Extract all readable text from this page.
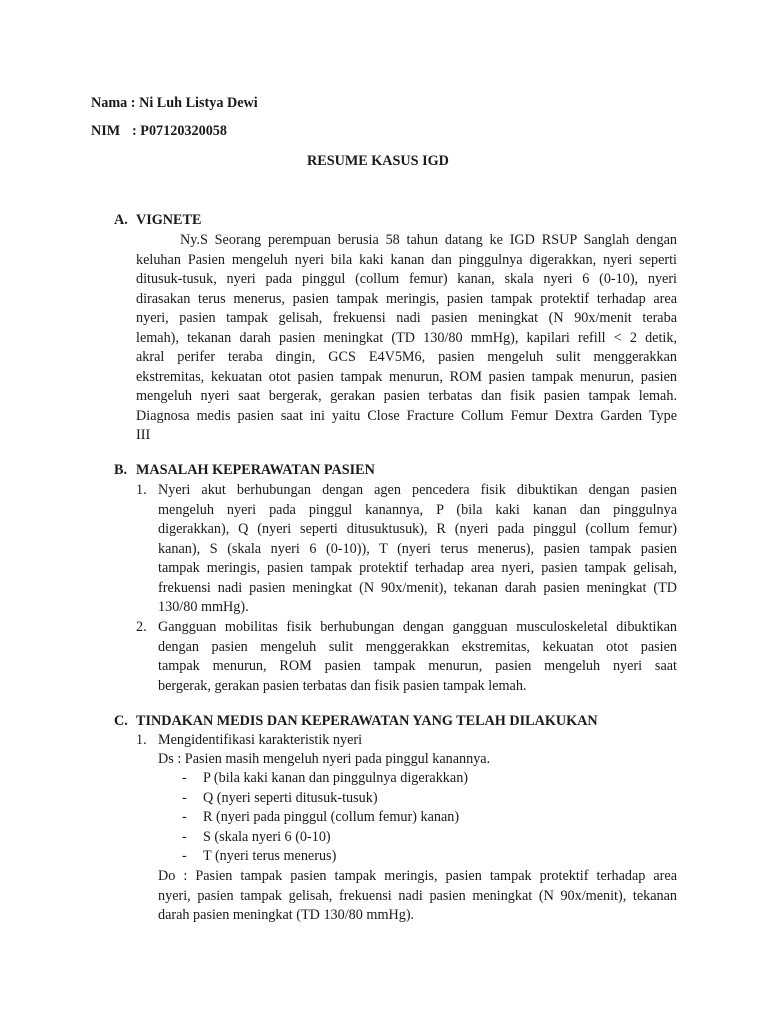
Nama : Ni Luh Listya Dewi
NIM : P07120320058
RESUME KASUS IGD
A. VIGNETE
Ny.S Seorang perempuan berusia 58 tahun datang ke IGD RSUP Sanglah dengan
keluhan Pasien mengeluh nyeri bila kaki kanan dan pinggulnya digerakkan, nyeri seperti
ditusuk-tusuk, nyeri pada pinggul (collum femur) kanan, skala nyeri 6 (0-10), nyeri
dirasakan terus menerus, pasien tampak meringis, pasien tampak protektif terhadap area
nyeri, pasien tampak gelisah, frekuensi nadi pasien meningkat (N 90x/menit teraba
lemah), tekanan darah pasien meningkat (TD 130/80 mmHg), kapilari refill < 2 detik,
akral perifer teraba dingin, GCS E4V5M6, pasien mengeluh sulit menggerakkan
ekstremitas, kekuatan otot pasien tampak menurun, ROM pasien tampak menurun, pasien
mengeluh nyeri saat bergerak, gerakan pasien terbatas dan fisik pasien tampak lemah.
Diagnosa medis pasien saat ini yaitu Close Fracture Collum Femur Dextra Garden Type
III
B. MASALAH KEPERAWATAN PASIEN
1. Nyeri akut berhubungan dengan agen pencedera fisik dibuktikan dengan pasien
mengeluh nyeri pada pinggul kanannya, P (bila kaki kanan dan pinggulnya
digerakkan), Q (nyeri seperti ditusuktusuk), R (nyeri pada pinggul (collum femur)
kanan), S (skala nyeri 6 (0-10)), T (nyeri terus menerus), pasien tampak pasien
tampak meringis, pasien tampak protektif terhadap area nyeri, pasien tampak gelisah,
frekuensi nadi pasien meningkat (N 90x/menit), tekanan darah pasien meningkat (TD
130/80 mmHg).
2. Gangguan mobilitas fisik berhubungan dengan gangguan musculoskeletal dibuktikan
dengan pasien mengeluh sulit menggerakkan ekstremitas, kekuatan otot pasien
tampak menurun, ROM pasien tampak menurun, pasien mengeluh nyeri saat
bergerak, gerakan pasien terbatas dan fisik pasien tampak lemah.
C. TINDAKAN MEDIS DAN KEPERAWATAN YANG TELAH DILAKUKAN
1. Mengidentifikasi karakteristik nyeri
Ds : Pasien masih mengeluh nyeri pada pinggul kanannya.
- P (bila kaki kanan dan pinggulnya digerakkan)
- Q (nyeri seperti ditusuk-tusuk)
- R (nyeri pada pinggul (collum femur) kanan)
- S (skala nyeri 6 (0-10)
- T (nyeri terus menerus)
Do : Pasien tampak pasien tampak meringis, pasien tampak protektif terhadap area
nyeri, pasien tampak gelisah, frekuensi nadi pasien meningkat (N 90x/menit), tekanan
darah pasien meningkat (TD 130/80 mmHg).
